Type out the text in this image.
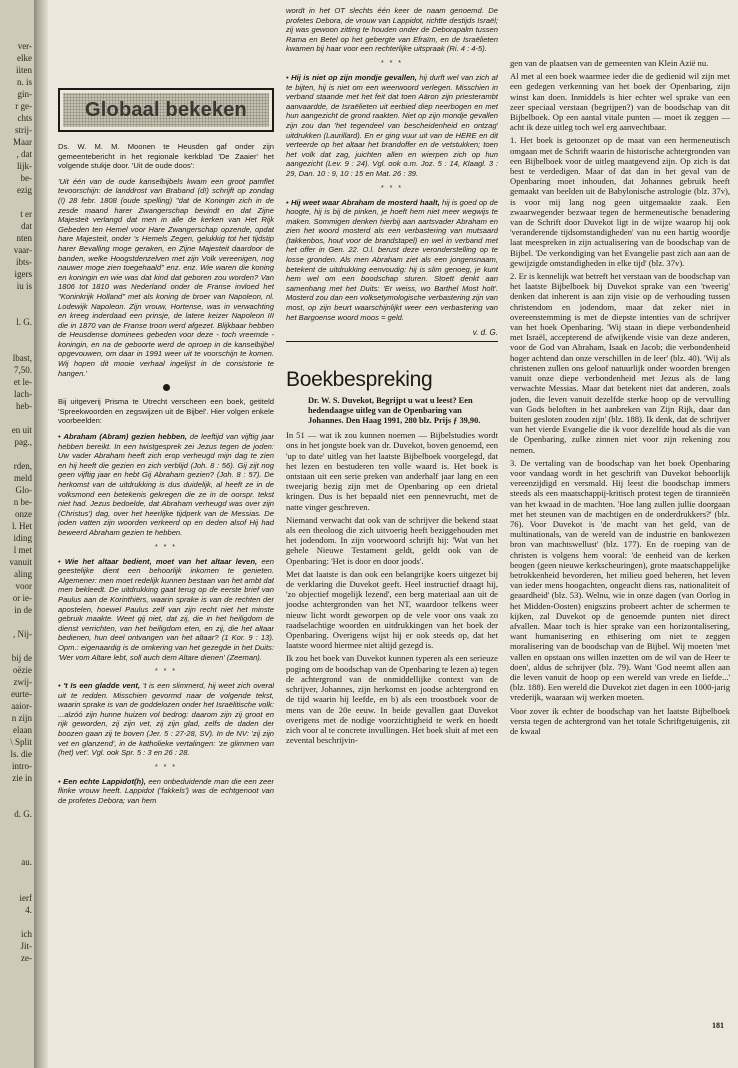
ver-
elke
iiten
n. is
gin-
r ge-
chts
strij-
Maar
, dat
lijk-
be-
ezig

t er
dat
nten
vaar-
ibts-
igers
iu is

l. G.

lbast,
7,50.
et le-
lach-
heb-

en uit
pag.,

rden,
meld
Glo-
n be-
onze
l. Het
iding
l met
vanuit
aling
voor
or ie-
in de

, Nij-

bij de
oëzie
zwij-
eurte-
aaior-
n zijn
elaan
\ Split
ls. die
intro-
zie in

d. G.

au.

ierf
4.

ich
Jit-
ze-
Globaal bekeken

Ds. W. M. M. Moonen te Heusden gaf onder zijn gemeentebericht in het regionale kerkblad 'De Zaaier' het volgende stukje door. 'Uit de oude doos':

'Uit één van de oude kanselbijbels kwam een groot pamflet tevoorschijn: de landdrost van Braband (d!) schrijft op zondag (!) 28 febr. 1808 (oude spelling) "dat de Koningin zich in de zesde maand harer Zwangerschap bevindt en dat Zijne Majesteit verlangd dat men in alle de kerken van Het Rijk Gebeden ten Hemel voor Hare Zwangerschap opzende, opdat hare Majesteit, onder 's Hemels Zegen, gelukkig tot het tijdstip harer Bevalling moge geraken, en Zijne Majesteit daardoor de banden, welke Hoogstdenzelven met zijn Volk vereenigen, nog nauwer moge zien toegehaald" enz. enz. Wie waren die koning en koningin en wie was dat kind dat geboren zou worden? Van 1806 tot 1810 was Nederland onder de Franse invloed het "Koninkrijk Holland" met als koning de broer van Napoleon, nl. Lodewijk Napoleon. Zijn vrouw, Hortense, was in verwachting en kreeg inderdaad een prinsje, de latere keizer Napoleon III die in 1870 van de Franse troon werd afgezet. Blijkbaar hebben de Heusdense dominees gebeden voor deze - toch vreemde - koningin, en na de geboorte werd de oproep in de kanselbijbel opgevouwen, om daar in 1991 weer uit te voorschijn te komen. Wij hopen dit mooie verhaal ingelijst in de consistorie te hangen.'

Bij uitgeverij Prisma te Utrecht verscheen een boek, getiteld 'Spreekwoorden en zegswijzen uit de Bijbel'. Hier volgen enkele voorbeelden:

• Abraham (Abram) gezien hebben, de leeftijd van vijftig jaar hebben bereikt. In een twistgesprek zei Jezus tegen de joden: Uw vader Abraham heeft zich erop verheugd mijn dag te zien en hij heeft die gezien en zich verblijd (Joh. 8 : 56). Gij zijt nog geen vijftig jaar en hebt Gij Abraham gezien? (Joh. 8 : 57). De herkomst van de uitdrukking is dus duidelijk, al heeft ze in de volksmond een betekenis gekregen die ze in de oorspr. tekst niet had. Jezus bedoelde, dat Abraham verheugd was over zijn (Christus') dag, over het heerlijke tijdperk van de Messias. De joden vatten zijn woorden verkeerd op en deden alsof Hij had beweerd Abraham gezien te hebben.

* * *

• Wie het altaar bedient, moet van het altaar leven, een geestelijke dient een behoorlijk inkomen te genieten. Algemener: men moet redelijk kunnen bestaan van het ambt dat men bekleedt. De uitdrukking gaat terug op de eerste brief van Paulus aan de Korinthiërs, waarin sprake is van de rechten der apostelen, hoewel Paulus zelf van zijn recht niet het minste gebruik maakte. Weet gij niet, dat zij, die in het heiligdom de dienst verrichten, van het heiligdom eten, en zij, die het altaar bedienen, hun deel ontvangen van het altaar? (1 Kor. 9 : 13). Opm.: eigenaardig is de omkering van het gezegde in het Duits: 'Wer vom Altare lebt, soll auch dem Altare dienen' (Zeeman).

* * *

• 't Is een gladde vent, 't is een slimmerd, hij weet zich overal uit te redden. Misschien gevormd naar de volgende tekst, waarin sprake is van de goddelozen onder het Israëlitische volk: ...alzóó zijn hunne huizen vol bedrog: daarom zijn zij groot en rijk geworden, zij zijn vet, zij zijn glad, zelfs de daden der boozen gaan zij te boven (Jer. 5 : 27-28, SV). In de NV: 'zij zijn vet en glanzend', in de katholieke vertalingen: 'ze glimmen van (het) vet'. Vgl. ook Spr. 5 : 3 en 26 : 28.

* * *

• Een echte Lappidot(h), een onbeduidende man die een zeer flinke vrouw heeft. Lappidot ('fakkels') was de echtgenoot van de profetes Debora; van hem

wordt in het OT slechts één keer de naam genoemd. De profetes Debora, de vrouw van Lappidot, richtte destijds Israël; zij was gewoon zitting te houden onder de Deborapalm tussen Rama en Betel op het gebergte van Efraïm, en de Israëlieten kwamen bij haar voor een rechterlijke uitspraak (Ri. 4 : 4-5).

* * *

• Hij is niet op zijn mondje gevallen, hij durft wel van zich af te bijten, hij is niet om een weerwoord verlegen. Misschien in verband staande met het feit dat toen Aäron zijn priesterambt aanvaardde, de Israëlieten uit eerbied diep neerbogen en met hun aangezicht de grond raakten. Niet op zijn mondje gevallen zijn zou dan 'het tegendeel van bescheidenheid en ontzag' uitdrukken (Laurillard). En er ging vuur uit van de HERE en dit verteerde op het altaar het brandoffer en de vetstukken; toen het volk dat zag, juichten allen en wierpen zich op hun aangezicht (Lev. 9 : 24). Vgl. ook o.m. Joz. 5 : 14, Klaagl. 3 : 29, Dan. 10 : 9, 10 : 15 en Mat. 26 : 39.

* * *

• Hij weet waar Abraham de mosterd haalt, hij is goed op de hoogte, hij is bij de pinken, je hoeft hem niet meer wegwijs te maken. Sommigen denken hierbij aan aartsvader Abraham en zien het woord mosterd als een verbastering van mutsaard (takkenbos, hout voor de brandstapel) en wel in verband met het offer in Gen. 22. O.l. berust deze veronderstelling op te losse gronden. Als men Abraham ziet als een jongensnaam, betekent de uitdrukking eenvoudig: hij is slim genoeg, je kunt hem wel om een boodschap sturen. Stoett denkt aan samenhang met het Duits: 'Er weiss, wo Barthel Most holt'. Mosterd zou dan een volksetymologische verbastering zijn van most, op zijn beurt waarschijnlijkt weer een verbastering van het Bargoense woord moos = geld.

v. d. G.
Boekbespreking

Dr. W. S. Duvekot, Begrijpt u wat u leest? Een hedendaagse uitleg van de Openbaring van Johannes. Den Haag 1991, 280 blz. Prijs ƒ 39,90.

In 51 — wat ik zou kunnen noemen — Bijbelstudies wordt ons in het jongste boek van dr. Duvekot, boven genoemd, een 'up to date' uitleg van het laatste Bijbelboek voorgelegd, dat het lezen en bestuderen ten volle waard is. Het boek is ontstaan uit een serie preken van anderhalf jaar lang en een tweejarig bezig zijn met de Openbaring op een drietal kringen. Dus is het bepaald niet een pennevrucht, met de natte vinger geschreven.

Niemand verwacht dat ook van de schrijver die bekend staat als een theoloog die zich uitvoerig heeft beziggehouden met het jodendom. In zijn voorwoord schrijft hij: 'Wat van het gehele Nieuwe Testament geldt, geldt ook van de Openbaring: 'Het is door en door joods'.

Met dat laatste is dan ook een belangrijke koers uitgezet bij de verklaring die Duvekot geeft. Heel instructief draagt hij, 'zo objectief mogelijk lezend', een berg materiaal aan uit de joodse achtergronden van het NT, waardoor telkens weer nieuw licht wordt geworpen op de vele voor ons vaak zo raadselachtige woorden en uitdrukkingen van het boek der Openbaring. Overigens wijst hij er ook steeds op, dat het laatste woord hiermee niet altijd gezegd is.

Ik zou het boek van Duvekot kunnen typeren als een serieuze poging om de boodschap van de Openbaring te lezen a) tegen de achtergrond van de onmiddellijke context van de schrijver, Johannes, zijn herkomst en joodse achtergrond en de tijd waarin hij leefde, en b) als een troostboek voor de mens van de 20e eeuw. In beide gevallen gaat Duvekot overigens met de nodige voorzichtigheid te werk en hoedt zich voor al te concrete invullingen. Het boek sluit af met een zevental beschrijvin-

gen van de plaatsen van de gemeenten van Klein Azië nu.

Al met al een boek waarmee ieder die de gedienid wil zijn met een gedegen verkenning van het boek der Openbaring, zijn winst kan doen. Inmiddels is hier echter wel sprake van een zeer speciaal verstaan (begrijpen?) van de boodschap van dit Bijbelboek. Op een aantal vitale punten — moet ik zeggen — acht ik deze uitleg toch wel erg aanvechtbaar.

1. Het boek is getoonzet op de maat van een hermeneutisch omgaan met de Schrift waarin de historische achtergronden van een Bijbelboek voor de uitleg maatgevend zijn. Op zich is dat best te verdedigen. Maar of dat dan in het geval van de Openbaring moet inhouden, dat Johannes gebruik heeft gemaakt van beelden uit de Babylonische astrologie (blz. 37v), is voor mij lang nog geen uitgemaakte zaak. Een zwaarwegender bezwaar tegen de hermeneutische benadering van de Schrift door Duvekot ligt in de wijze waarop hij ook 'veranderende tijdsomstandigheden' van nu een hartig woordje laat meespreken in zijn actualisering van de boodschap van de Bijbel. 'De verkondiging van het Evangelie past zich aan aan de gewijzigde omstandigheden in elke tijd' (blz. 37v).

2. Er is kennelijk wat betreft het verstaan van de boodschap van het laatste Bijbelboek bij Duvekot sprake van een 'tweerig' denken dat inherent is aan zijn visie op de verhouding tussen christendom en jodendom, maar dat zeker niet in overeenstemming is met de diepste intenties van de schrijver van het boek Openbaring. 'Wij staan in diepe verbondenheid met Israël, accepterend de afwijkende visie van deze anderen, voor de God van Abraham, Isaak en Jacob; die verbondenheid hoger achtend dan onze verschillen in de leer' (blz. 40). 'Wij als christenen zullen ons geloof natuurlijk onder woorden brengen vanuit onze diepe verbondenheid met Jezus als de lang verwachte Messias. Maar dat betekent niet dat anderen, zoals joden, die leven vanuit dezelfde sterke hoop op de vervulling van Gods beloften in het aanbreken van Zijn Rijk, daar dan buiten gesloten zouden zijn' (blz. 188). Ik denk, dat de schrijver van het vierde Evangelie die ik voor dezelfde houd als die van de Openbaring, zulke zinnen niet voor zijn rekening zou nemen.

3. De vertaling van de boodschap van het boek Openbaring voor vandaag wordt in het geschrift van Duvekot behoorlijk vereenzijdigd en versmald. Hij leest die boodschap immers steeds als een maatschappij-kritisch protest tegen de tirannieën van het kwaad in de machten. 'Hoe lang zullen jullie doorgaan met het steunen van de machtigen en de onderdrukkers?' (blz. 76). Voor Duvekot is 'de macht van het geld, van de multinationals, van de wereld van de industrie en bankwezen bron van machtswellust' (blz. 177). En de roeping van de christen is volgens hem vooral: 'de eenheid van de kerken beogen (geen nieuwe kerkscheuringen), grote maatschappelijke betrokkenheid bevorderen, het milieu goed beheren, het leven van ieder mens hoogachten, ongeacht diens ras, nationaliteit of geaardheid' (blz. 53). Welnu, wie in onze dagen (van Oorlog in het Midden-Oosten) enigszins probeert achter de schermen te kijken, zal Duvekot op de genoemde punten niet direct afvallen. Maar toch is hier sprake van een horizontalisering, want humanisering en ethisering om niet te zeggen moralisering van de boodschap van de Bijbel. Wij moeten 'met vallen en opstaan ons willen inzetten om de wil van de Heer te doen', aldus de schrijver (blz. 79). Want 'God neemt allen aan die leven vanuit de hoop op een wereld van vrede en liefde...' (blz. 188). Een wereld die Duvekot ziet dagen in een 1000-jarig vrederijk, waaraan wij werken moeten.

Voor zover ik echter de boodschap van het laatste Bijbelboek versta tegen de achtergrond van het totale Schriftgetuigenis, zit de kwaal

181
